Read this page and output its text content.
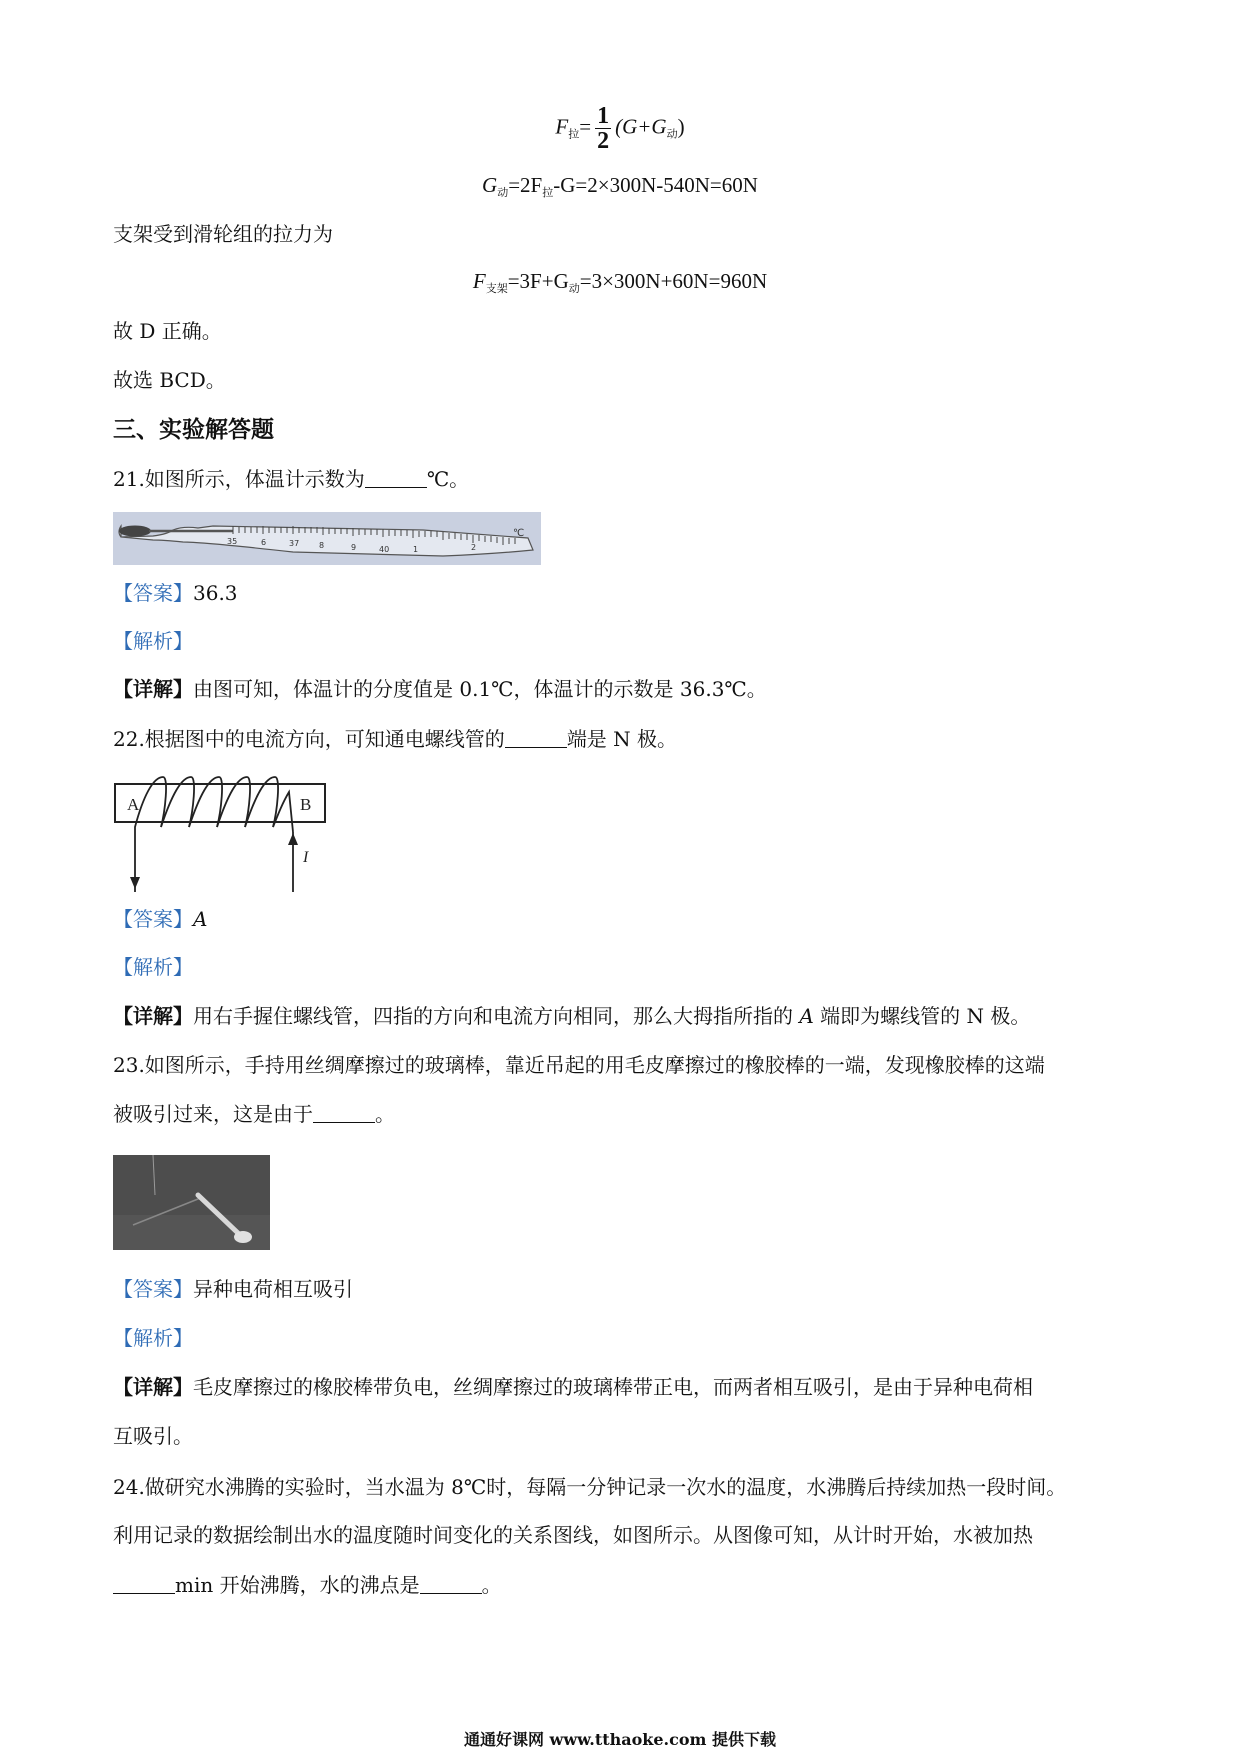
$F_拉= \frac{1}{2} (G+G_动)$
$G_动=2F_拉-G=2\times 300N-540N=60N$
支架受到滑轮组的拉力为
$F_{支架}=3F+G_动=3\times 300N+60N=960N$
故 D 正确。
故选 BCD。
三、实验解答题
21.如图所示，体温计示数为	℃。
35	6	37 8	9	40	1	2
℃
【答案】36.3
【解析】
【详解】由图可知，体温计的分度值是 0.1℃，体温计的示数是 36.3℃。
22.根据图中的电流方向，可知通电螺线管的	端是 N 极。
A	B
I
【答案】A
【解析】
【详解】用右手握住螺线管，四指的方向和电流方向相同，那么大拇指所指的 A 端即为螺线管的 N 极。
23.如图所示，手持用丝绸摩擦过的玻璃棒，靠近吊起的用毛皮摩擦过的橡胶棒的一端，发现橡胶棒的这端
被吸引过来，这是由于	。
【答案】异种电荷相互吸引
【解析】
【详解】毛皮摩擦过的橡胶棒带负电，丝绸摩擦过的玻璃棒带正电，而两者相互吸引，是由于异种电荷相
互吸引。
24.做研究水沸腾的实验时，当水温为 8℃时，每隔一分钟记录一次水的温度，水沸腾后持续加热一段时间。
利用记录的数据绘制出水的温度随时间变化的关系图线，如图所示。从图像可知，从计时开始，水被加热
min 开始沸腾，水的沸点是	。
通通好课网 www.tthaoke.com 提供下载
